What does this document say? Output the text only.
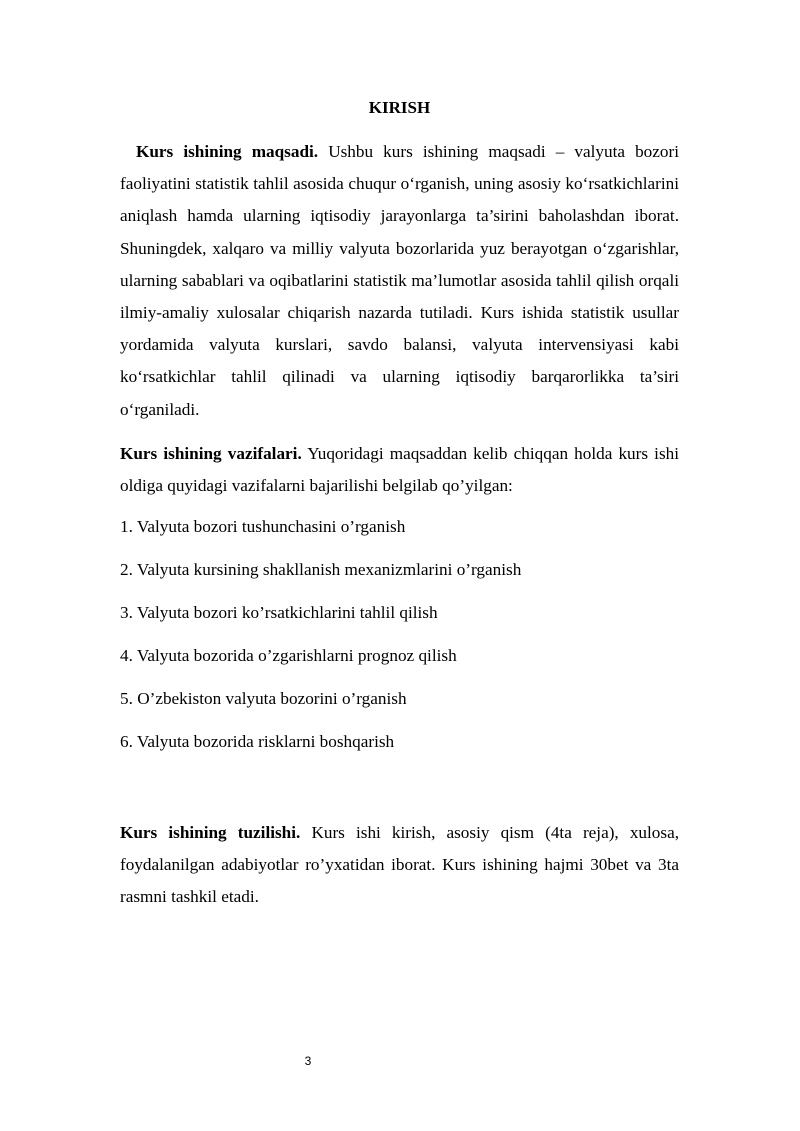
KIRISH

Kurs ishining maqsadi. Ushbu kurs ishining maqsadi – valyuta bozori faoliyatini statistik tahlil asosida chuqur o‘rganish, uning asosiy ko‘rsatkichlarini aniqlash hamda ularning iqtisodiy jarayonlarga ta’sirini baholashdan iborat. Shuningdek, xalqaro va milliy valyuta bozorlarida yuz berayotgan o‘zgarishlar, ularning sabablari va oqibatlarini statistik ma’lumotlar asosida tahlil qilish orqali ilmiy-amaliy xulosalar chiqarish nazarda tutiladi. Kurs ishida statistik usullar yordamida valyuta kurslari, savdo balansi, valyuta intervensiyasi kabi ko‘rsatkichlar tahlil qilinadi va ularning iqtisodiy barqarorlikka ta’siri o‘rganiladi.

Kurs ishining vazifalari. Yuqoridagi maqsaddan kelib chiqqan holda kurs ishi oldiga quyidagi vazifalarni bajarilishi belgilab qo’yilgan:

1. Valyuta bozori tushunchasini o’rganish
2. Valyuta kursining shakllanish mexanizmlarini o’rganish
3. Valyuta bozori ko’rsatkichlarini tahlil qilish
4. Valyuta bozorida o’zgarishlarni prognoz qilish
5. O’zbekiston valyuta bozorini o’rganish
6. Valyuta bozorida risklarni boshqarish

Kurs ishining tuzilishi. Kurs ishi kirish, asosiy qism (4ta reja), xulosa, foydalanilgan adabiyotlar ro’yxatidan iborat. Kurs ishining hajmi 30bet va 3ta rasmni tashkil etadi.

3
